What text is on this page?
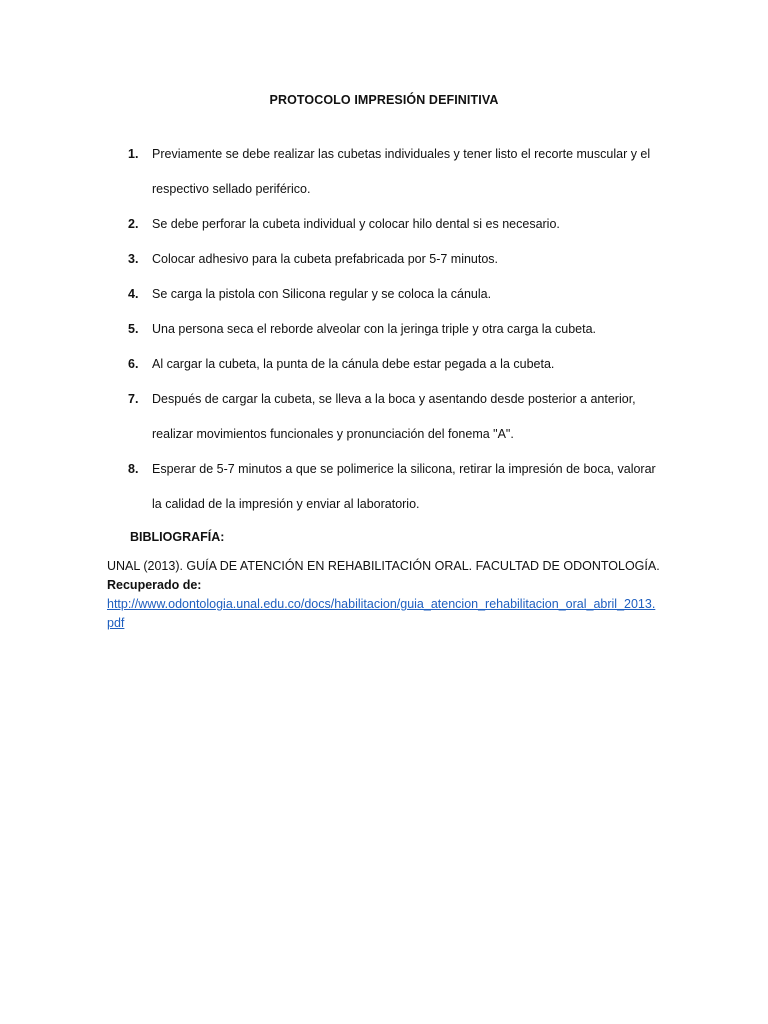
PROTOCOLO IMPRESIÓN DEFINITIVA
1. Previamente se debe realizar las cubetas individuales y tener listo el recorte muscular y el respectivo sellado periférico.
2. Se debe perforar la cubeta individual y colocar hilo dental si es necesario.
3. Colocar adhesivo para la cubeta prefabricada por 5-7 minutos.
4. Se carga la pistola con Silicona regular y se coloca la cánula.
5. Una persona seca el reborde alveolar con la jeringa triple y otra carga la cubeta.
6. Al cargar la cubeta, la punta de la cánula debe estar pegada a la cubeta.
7. Después de cargar la cubeta, se lleva a la boca y asentando desde posterior a anterior, realizar movimientos funcionales y pronunciación del fonema "A".
8. Esperar de 5-7 minutos a que se polimerice la silicona, retirar la impresión de boca, valorar la calidad de la impresión y enviar al laboratorio.
BIBLIOGRAFÍA:
UNAL (2013). GUÍA DE ATENCIÓN EN REHABILITACIÓN ORAL. FACULTAD DE ODONTOLOGÍA.
Recuperado de:
http://www.odontologia.unal.edu.co/docs/habilitacion/guia_atencion_rehabilitacion_oral_abril_2013.pdf
